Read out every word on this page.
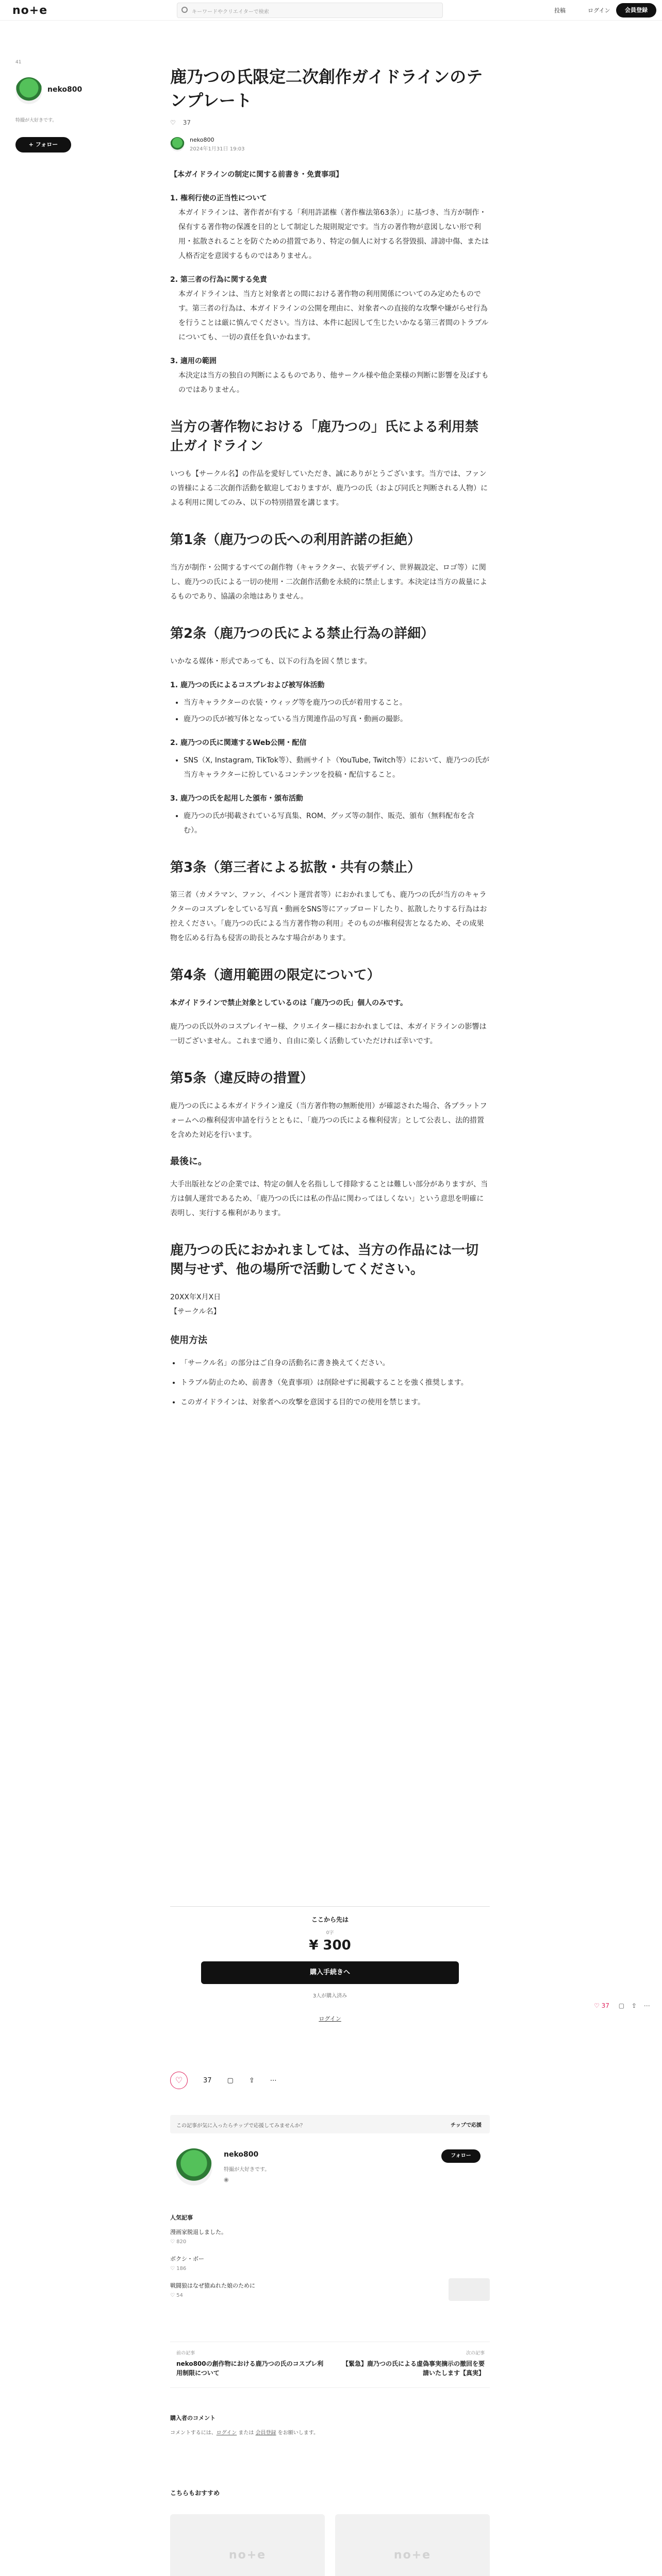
no+e	キーワードやクリエイターで検索	投稿	ログイン	会員登録
41
neko800
特撮が大好きです。
+ フォロー
鹿乃つの氏限定二次創作ガイドラインのテンプレート
♡ 37
neko800
2024年1月31日 19:03

【本ガイドラインの制定に関する前書き・免責事項】

1. 権利行使の正当性について
本ガイドラインは、著作者が有する「利用許諾権（著作権法第63条）」に基づき、当方が制作・保有する著作物の保護を目的として制定した規則規定です。当方の著作物が意図しない形で利用・拡散されることを防ぐための措置であり、特定の個人に対する名誉毀損、誹謗中傷、または人格否定を意図するものではありません。
2. 第三者の行為に関する免責
本ガイドラインは、当方と対象者との間における著作物の利用関係についてのみ定めたものです。第三者の行為は、本ガイドラインの公開を理由に、対象者への直接的な攻撃や嫌がらせ行為を行うことは厳に慎んでください。当方は、本件に起因して生じたいかなる第三者間のトラブルについても、一切の責任を負いかねます。
3. 適用の範囲
本決定は当方の独自の判断によるものであり、他サークル様や他企業様の判断に影響を及ぼすものではありません。
当方の著作物における「鹿乃つの」氏による利用禁止ガイドライン

いつも【サークル名】の作品を愛好していただき、誠にありがとうございます。当方では、ファンの皆様による二次創作活動を歓迎しておりますが、鹿乃つの氏（および同氏と判断される人物）による利用に関してのみ、以下の特別措置を講じます。

第1条（鹿乃つの氏への利用許諾の拒絶）

当方が制作・公開するすべての創作物（キャラクター、衣装デザイン、世界観設定、ロゴ等）に関し、鹿乃つの氏による一切の使用・二次創作活動を永続的に禁止します。本決定は当方の裁量によるものであり、協議の余地はありません。

第2条（鹿乃つの氏による禁止行為の詳細）

いかなる媒体・形式であっても、以下の行為を固く禁じます。

1. 鹿乃つの氏によるコスプレおよび被写体活動
• 当方キャラクターの衣装・ウィッグ等を鹿乃つの氏が着用すること。
• 鹿乃つの氏が被写体となっている当方関連作品の写真・動画の撮影。
2. 鹿乃つの氏に関連するWeb公開・配信
• SNS（X, Instagram, TikTok等）、動画サイト（YouTube, Twitch等）において、鹿乃つの氏が当方キャラクターに扮しているコンテンツを投稿・配信すること。
3. 鹿乃つの氏を起用した頒布・頒布活動
• 鹿乃つの氏が掲載されている写真集、ROM、グッズ等の制作、販売、頒布（無料配布を含む）。
第3条（第三者による拡散・共有の禁止）

第三者（カメラマン、ファン、イベント運営者等）におかれましても、鹿乃つの氏が当方のキャラクターのコスプレをしている写真・動画をSNS等にアップロードしたり、拡散したりする行為はお控えください。「鹿乃つの氏による当方著作物の利用」そのものが権利侵害となるため、その成果物を広める行為も侵害の助長とみなす場合があります。

第4条（適用範囲の限定について）

本ガイドラインで禁止対象としているのは「鹿乃つの氏」個人のみです。

鹿乃つの氏以外のコスプレイヤー様、クリエイター様におかれましては、本ガイドラインの影響は一切ございません。これまで通り、自由に楽しく活動していただければ幸いです。

第5条（違反時の措置）

鹿乃つの氏による本ガイドライン違反（当方著作物の無断使用）が確認された場合、各プラットフォームへの権利侵害申請を行うとともに、「鹿乃つの氏による権利侵害」として公表し、法的措置を含めた対応を行います。

最後に。

大手出版社などの企業では、特定の個人を名指しして排除することは難しい部分がありますが、当方は個人運営であるため、「鹿乃つの氏には私の作品に関わってほしくない」という意思を明確に表明し、実行する権利があります。

鹿乃つの氏におかれましては、当方の作品には一切関与せず、他の場所で活動してください。
20XX年X月X日
【サークル名】
使用方法
• 「サークル名」の部分はご自身の活動名に書き換えてください。
• トラブル防止のため、前書き（免責事項）は削除せずに掲載することを強く推奨します。
• このガイドラインは、対象者への攻撃を意図する目的での使用を禁じます。
ここから先は
0字
¥ 300
購入手続きへ
3人が購入済み
ログイン
♡ 37 ▢ ⇪ ⋯
♡	37 ▢ ⇪ ⋯
この記事が気に入ったらチップで応援してみませんか？	チップで応援
neko800
特撮が大好きです。
◉
フォロー
人気記事
漫画家脱退しました。
♡ 820
ボクシ・ボー
♡ 186
戦闘狼はなぜ猿ぬれた娘のために
♡ 54
前の記事
neko800の創作物における鹿乃つの氏のコスプレ利用制限について
次の記事
【緊急】鹿乃つの氏による虚偽事実摘示の撤回を要請いたします【真実】
購入者のコメント
コメントするには、ログイン または 会員登録 をお願いします。
こちらもおすすめ
no+e	no+e
